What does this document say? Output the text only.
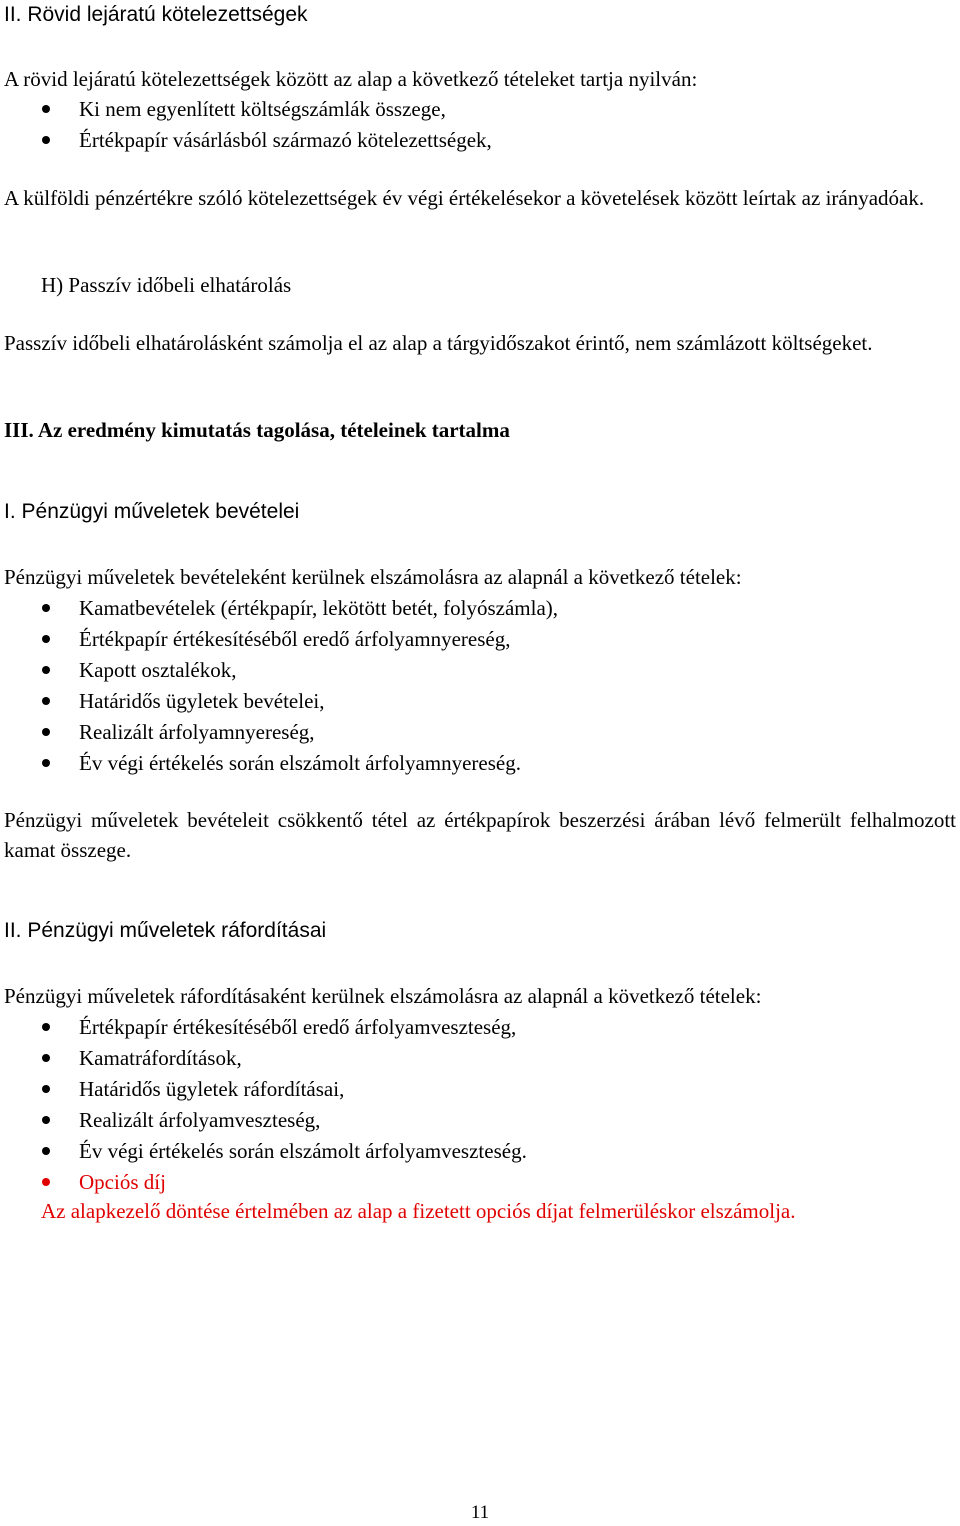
II. Rövid lejáratú kötelezettségek
A rövid lejáratú kötelezettségek között az alap a következő tételeket tartja nyilván:
Ki nem egyenlített költségszámlák összege,
Értékpapír vásárlásból származó kötelezettségek,
A külföldi pénzértékre szóló kötelezettségek év végi értékelésekor a követelések között leírtak az irányadóak.
H) Passzív időbeli elhatárolás
Passzív időbeli elhatárolásként számolja el az alap a tárgyidőszakot érintő, nem számlázott költségeket.
III. Az eredmény kimutatás tagolása, tételeinek tartalma
I. Pénzügyi műveletek bevételei
Pénzügyi műveletek bevételeként kerülnek elszámolásra az alapnál a következő tételek:
Kamatbevételek (értékpapír, lekötött betét, folyószámla),
Értékpapír értékesítéséből eredő árfolyamnyereség,
Kapott osztalékok,
Határidős ügyletek bevételei,
Realizált árfolyamnyereség,
Év végi értékelés során elszámolt árfolyamnyereség.
Pénzügyi műveletek bevételeit csökkentő tétel az értékpapírok beszerzési árában lévő felmerült felhalmozott kamat összege.
II. Pénzügyi műveletek ráfordításai
Pénzügyi műveletek ráfordításaként kerülnek elszámolásra az alapnál a következő tételek:
Értékpapír értékesítéséből eredő árfolyamveszteség,
Kamatráfordítások,
Határidős ügyletek ráfordításai,
Realizált árfolyamveszteség,
Év végi értékelés során elszámolt árfolyamveszteség.
Opciós díj
Az alapkezelő döntése értelmében az alap a fizetett opciós díjat felmerüléskor elszámolja.
11
